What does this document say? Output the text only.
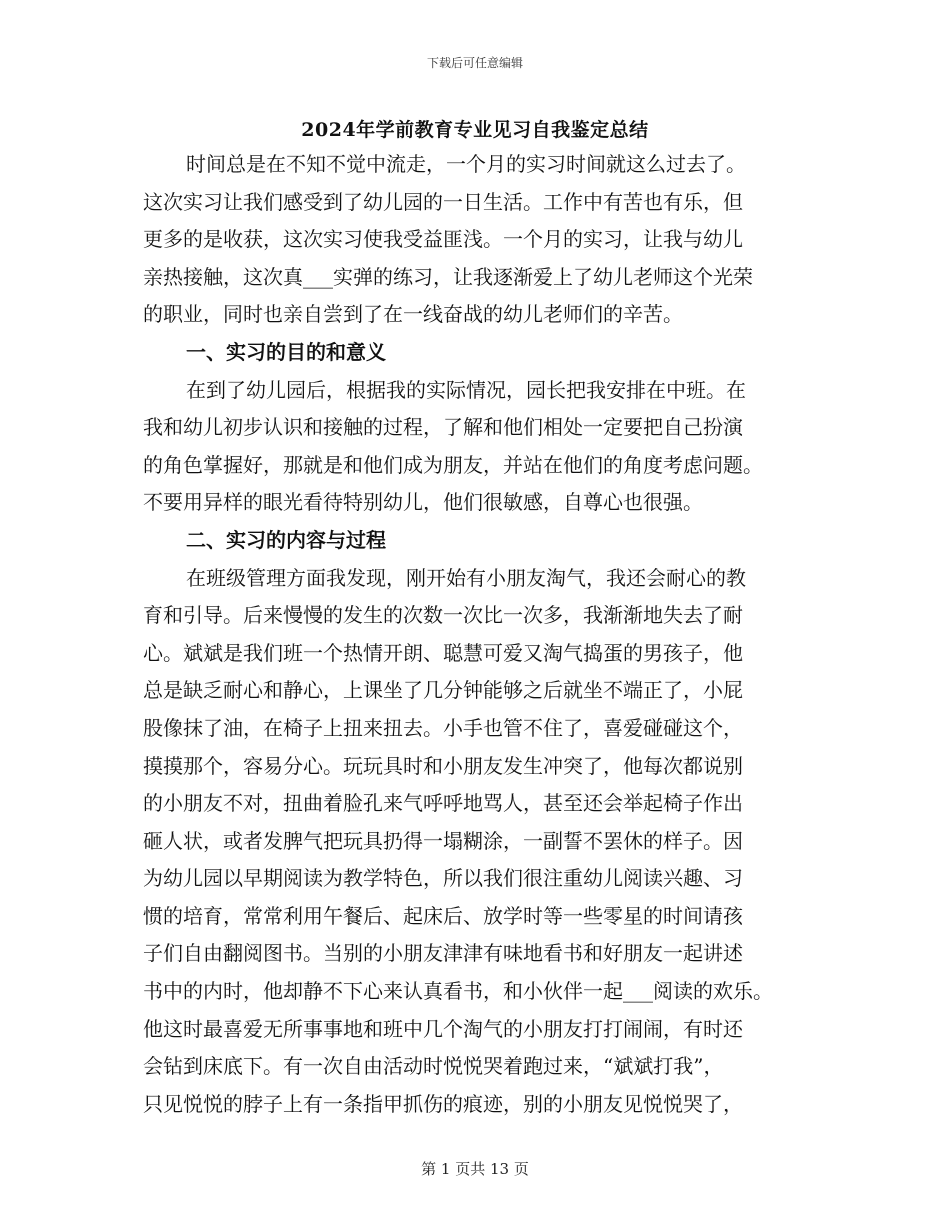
下载后可任意编辑
2024年学前教育专业见习自我鉴定总结
时间总是在不知不觉中流走，一个月的实习时间就这么过去了。
这次实习让我们感受到了幼儿园的一日生活。工作中有苦也有乐，但
更多的是收获，这次实习使我受益匪浅。一个月的实习，让我与幼儿
亲热接触，这次真___实弹的练习，让我逐渐爱上了幼儿老师这个光荣
的职业，同时也亲自尝到了在一线奋战的幼儿老师们的辛苦。
一、实习的目的和意义
在到了幼儿园后，根据我的实际情况，园长把我安排在中班。在
我和幼儿初步认识和接触的过程，了解和他们相处一定要把自己扮演
的角色掌握好，那就是和他们成为朋友，并站在他们的角度考虑问题。
不要用异样的眼光看待特别幼儿，他们很敏感，自尊心也很强。
二、实习的内容与过程
在班级管理方面我发现，刚开始有小朋友淘气，我还会耐心的教
育和引导。后来慢慢的发生的次数一次比一次多，我渐渐地失去了耐
心。斌斌是我们班一个热情开朗、聪慧可爱又淘气捣蛋的男孩子，他
总是缺乏耐心和静心，上课坐了几分钟能够之后就坐不端正了，小屁
股像抹了油，在椅子上扭来扭去。小手也管不住了，喜爱碰碰这个，
摸摸那个，容易分心。玩玩具时和小朋友发生冲突了，他每次都说别
的小朋友不对，扭曲着脸孔来气呼呼地骂人，甚至还会举起椅子作出
砸人状，或者发脾气把玩具扔得一塌糊涂，一副誓不罢休的样子。因
为幼儿园以早期阅读为教学特色，所以我们很注重幼儿阅读兴趣、习
惯的培育，常常利用午餐后、起床后、放学时等一些零星的时间请孩
子们自由翻阅图书。当别的小朋友津津有味地看书和好朋友一起讲述
书中的内时，他却静不下心来认真看书，和小伙伴一起___阅读的欢乐。
他这时最喜爱无所事事地和班中几个淘气的小朋友打打闹闹，有时还
会钻到床底下。有一次自由活动时悦悦哭着跑过来，“斌斌打我”，
只见悦悦的脖子上有一条指甲抓伤的痕迹，别的小朋友见悦悦哭了，
第 1 页共 13 页
